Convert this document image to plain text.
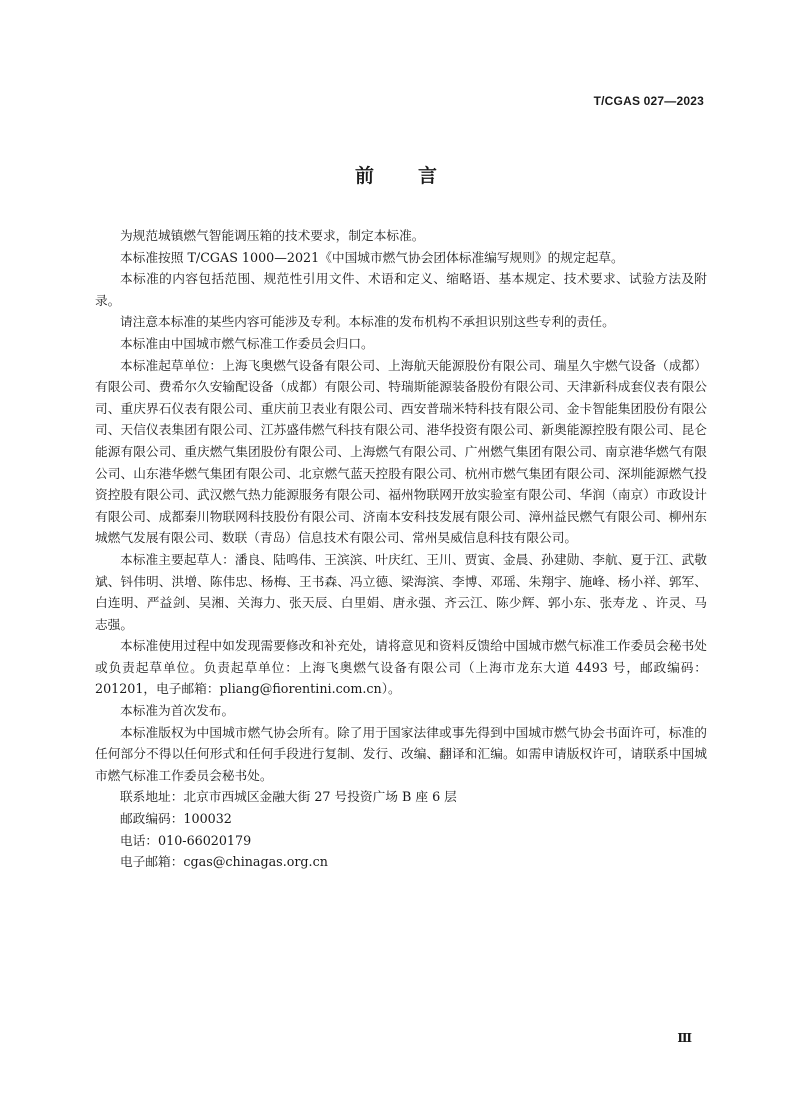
T/CGAS 027—2023
前 言

为规范城镇燃气智能调压箱的技术要求，制定本标准。

本标准按照 T/CGAS 1000—2021《中国城市燃气协会团体标准编写规则》的规定起草。

本标准的内容包括范围、规范性引用文件、术语和定义、缩略语、基本规定、技术要求、试验方法及附录。

请注意本标准的某些内容可能涉及专利。本标准的发布机构不承担识别这些专利的责任。

本标准由中国城市燃气标准工作委员会归口。

本标准起草单位：上海飞奥燃气设备有限公司、上海航天能源股份有限公司、瑞星久宇燃气设备（成都）有限公司、费希尔久安输配设备（成都）有限公司、特瑞斯能源装备股份有限公司、天津新科成套仪表有限公司、重庆界石仪表有限公司、重庆前卫表业有限公司、西安普瑞米特科技有限公司、金卡智能集团股份有限公司、天信仪表集团有限公司、江苏盛伟燃气科技有限公司、港华投资有限公司、新奥能源控股有限公司、昆仑能源有限公司、重庆燃气集团股份有限公司、上海燃气有限公司、广州燃气集团有限公司、南京港华燃气有限公司、山东港华燃气集团有限公司、北京燃气蓝天控股有限公司、杭州市燃气集团有限公司、深圳能源燃气投资控股有限公司、武汉燃气热力能源服务有限公司、福州物联网开放实验室有限公司、华润（南京）市政设计有限公司、成都秦川物联网科技股份有限公司、济南本安科技发展有限公司、漳州益民燃气有限公司、柳州东城燃气发展有限公司、数联（青岛）信息技术有限公司、常州昊威信息科技有限公司。

本标准主要起草人：潘良、陆鸣伟、王滨滨、叶庆红、王川、贾寅、金晨、孙建勋、李航、夏于江、武敬斌、钭伟明、洪增、陈伟忠、杨梅、王书森、冯立德、梁海滨、李博、邓瑶、朱翔宇、施峰、杨小祥、郭军、白连明、严益剑、吴湘、关海力、张天辰、白里娟、唐永强、齐云江、陈少辉、郭小东、张寿龙 、许灵、马志强。

本标准使用过程中如发现需要修改和补充处，请将意见和资料反馈给中国城市燃气标准工作委员会秘书处或负责起草单位。负责起草单位：上海飞奥燃气设备有限公司（上海市龙东大道 4493 号，邮政编码：201201，电子邮箱：pliang@fiorentini.com.cn）。

本标准为首次发布。

本标准版权为中国城市燃气协会所有。除了用于国家法律或事先得到中国城市燃气协会书面许可，标准的任何部分不得以任何形式和任何手段进行复制、发行、改编、翻译和汇编。如需申请版权许可，请联系中国城市燃气标准工作委员会秘书处。

联系地址：北京市西城区金融大街 27 号投资广场 B 座 6 层

邮政编码：100032

电话：010-66020179

电子邮箱：cgas@chinagas.org.cn

Ⅲ
